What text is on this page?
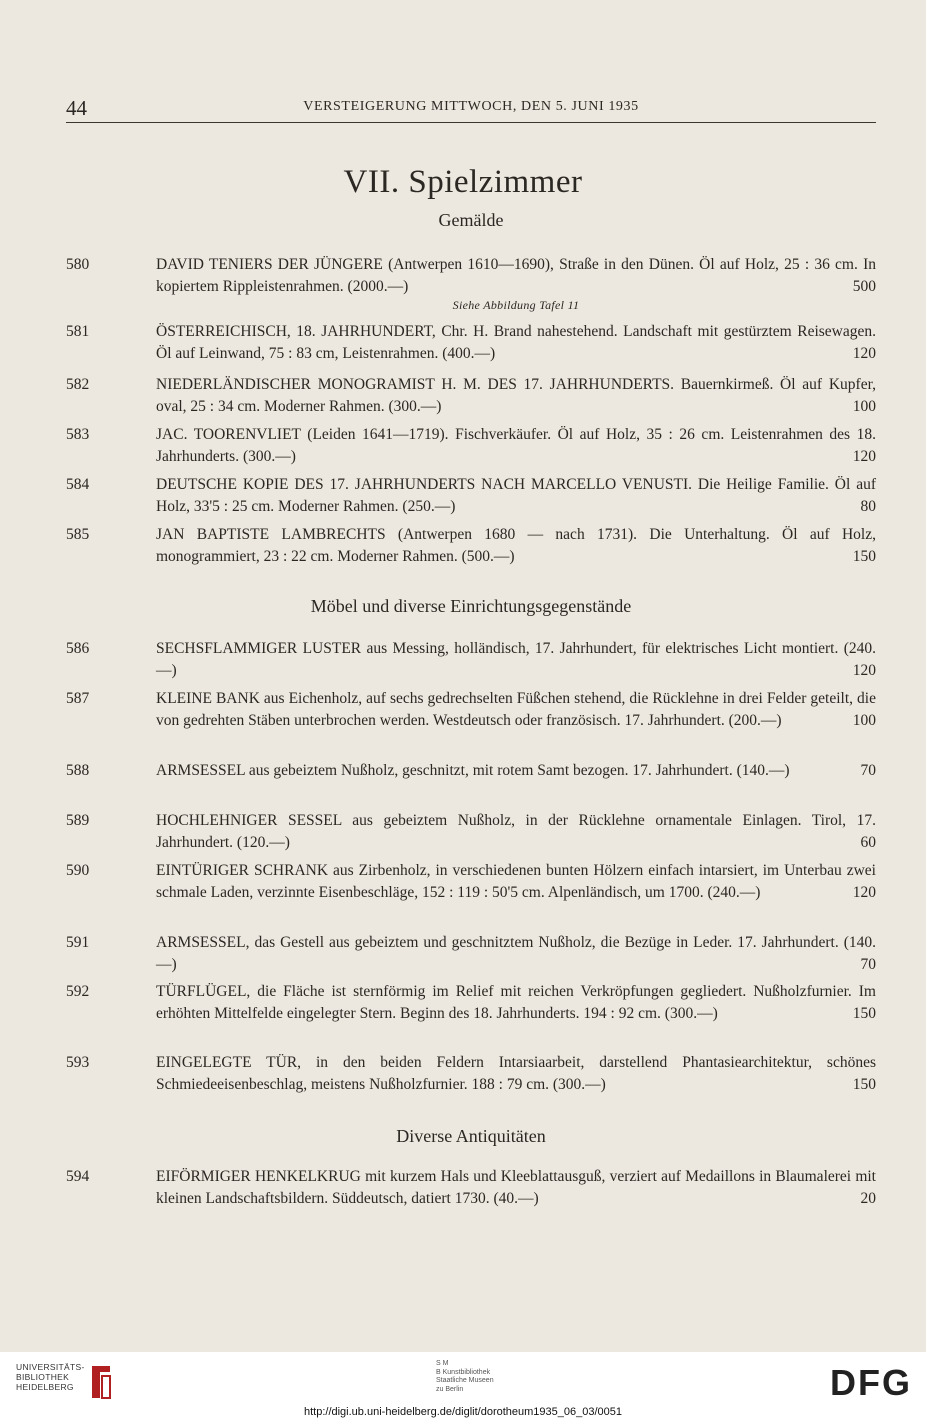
44	VERSTEIGERUNG MITTWOCH, DEN 5. JUNI 1935
VII. Spielzimmer
Gemälde
580	DAVID TENIERS DER JÜNGERE (Antwerpen 1610—1690), Straße in den Dünen. Öl auf Holz, 25 : 36 cm. In kopiertem Rippleistenrahmen. (2000.—)	500
Siehe Abbildung Tafel 11
581	ÖSTERREICHISCH, 18. JAHRHUNDERT, Chr. H. Brand nahestehend. Landschaft mit gestürztem Reisewagen. Öl auf Leinwand, 75 : 83 cm, Leistenrahmen. (400.—)	120
582	NIEDERLÄNDISCHER MONOGRAMIST H. M. DES 17. JAHRHUNDERTS. Bauernkirmeß. Öl auf Kupfer, oval, 25 : 34 cm. Moderner Rahmen. (300.—)	100
583	JAC. TOORENVLIET (Leiden 1641—1719). Fischverkäufer. Öl auf Holz, 35 : 26 cm. Leistenrahmen des 18. Jahrhunderts. (300.—)	120
584	DEUTSCHE KOPIE DES 17. JAHRHUNDERTS NACH MARCELLO VENUSTI. Die Heilige Familie. Öl auf Holz, 33'5 : 25 cm. Moderner Rahmen. (250.—)	80
585	JAN BAPTISTE LAMBRECHTS (Antwerpen 1680 — nach 1731). Die Unterhaltung. Öl auf Holz, monogrammiert, 23 : 22 cm. Moderner Rahmen. (500.—)	150
Möbel und diverse Einrichtungsgegenstände
586	SECHSFLAMMIGER LUSTER aus Messing, holländisch, 17. Jahrhundert, für elektrisches Licht montiert. (240.—)	120
587	KLEINE BANK aus Eichenholz, auf sechs gedrechselten Füßchen stehend, die Rücklehne in drei Felder geteilt, die von gedrehten Stäben unterbrochen werden. Westdeutsch oder französisch. 17. Jahrhundert. (200.—)	100
588	ARMSESSEL aus gebeiztem Nußholz, geschnitzt, mit rotem Samt bezogen. 17. Jahrhundert. (140.—)	70
589	HOCHLEHNIGER SESSEL aus gebeiztem Nußholz, in der Rücklehne ornamentale Einlagen. Tirol, 17. Jahrhundert. (120.—)	60
590	EINTÜRIGER SCHRANK aus Zirbenholz, in verschiedenen bunten Hölzern einfach intarsiert, im Unterbau zwei schmale Laden, verzinnte Eisenbeschläge, 152 : 119 : 50'5 cm. Alpenländisch, um 1700. (240.—)	120
591	ARMSESSEL, das Gestell aus gebeiztem und geschnitztem Nußholz, die Bezüge in Leder. 17. Jahrhundert. (140.—)	70
592	TÜRFLÜGEL, die Fläche ist sternförmig im Relief mit reichen Verkröpfungen gegliedert. Nußholzfurnier. Im erhöhten Mittelfelde eingelegter Stern. Beginn des 18. Jahrhunderts. 194 : 92 cm. (300.—)	150
593	EINGELEGTE TÜR, in den beiden Feldern Intarsiaarbeit, darstellend Phantasiearchitektur, schönes Schmiedeeisenbeschlag, meistens Nußholzfurnier. 188 : 79 cm. (300.—)	150
Diverse Antiquitäten
594	EIFÖRMIGER HENKELKRUG mit kurzem Hals und Kleeblattausguß, verziert auf Medaillons in Blaumalerei mit kleinen Landschaftsbildern. Süddeutsch, datiert 1730. (40.—)	20
UNIVERSITÄTS-
BIBLIOTHEK
HEIDELBERG
S M
B Kunstbibliothek
Staatliche Museen
zu Berlin	DFG
http://digi.ub.uni-heidelberg.de/diglit/dorotheum1935_06_03/0051
